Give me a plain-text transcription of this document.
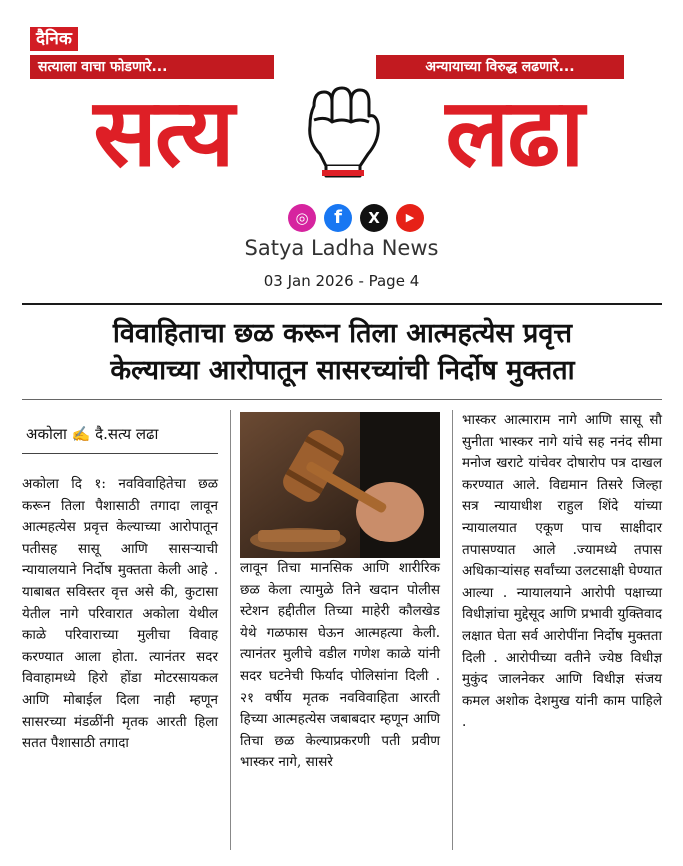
दैनिक
सत्याला वाचा फोडणारे...	अन्यायाच्या विरुद्ध लढणारे...
सत्य	लढा
◎	f	X	▶
Satya Ladha News
03 Jan 2026 - Page 4
विवाहिताचा छळ करून तिला आत्महत्येस प्रवृत्त
केल्याच्या आरोपातून सासरच्यांची निर्दोष मुक्तता
अकोला ✍ दै.सत्य लढा
अकोला दि १: नवविवाहितेचा छळ करून तिला पैशासाठी तगादा लावून आत्महत्येस प्रवृत्त केल्याच्या आरोपातून पतीसह सासू आणि सासऱ्याची न्यायालयाने निर्दोष मुक्तता केली आहे . याबाबत सविस्तर वृत्त असे की, कुटासा येतील नागे परिवारात अकोला येथील काळे परिवाराच्या मुलीचा विवाह करण्यात आला होता. त्यानंतर सदर विवाहामध्ये हिरो होंडा मोटरसायकल आणि मोबाईल दिला नाही म्हणून सासरच्या मंडळींनी मृतक आरती हिला सतत पैशासाठी तगादा
लावून तिचा मानसिक आणि शारीरिक छळ केला त्यामुळे तिने खदान पोलीस स्टेशन हद्दीतील तिच्या माहेरी कौलखेड येथे गळफास घेऊन आत्महत्या केली. त्यानंतर मुलीचे वडील गणेश काळे यांनी सदर घटनेची फिर्याद पोलिसांना दिली . २१ वर्षीय मृतक नवविवाहिता आरती हिच्या आत्महत्येस जबाबदार म्हणून आणि तिचा छळ केल्याप्रकरणी पती प्रवीण भास्कर नागे, सासरे
भास्कर आत्माराम नागे आणि सासू सौ सुनीता भास्कर नागे यांचे सह ननंद सीमा मनोज खराटे यांचेवर दोषारोप पत्र दाखल करण्यात आले. विद्यमान तिसरे जिल्हा सत्र न्यायाधीश राहुल शिंदे यांच्या न्यायालयात एकूण पाच साक्षीदार तपासण्यात आले .ज्यामध्ये तपास अधिकाऱ्यांसह सर्वांच्या उलटसाक्षी घेण्यात आल्या . न्यायालयाने आरोपी पक्षाच्या विधीज्ञांचा मुद्देसूद आणि प्रभावी युक्तिवाद लक्षात घेता सर्व आरोपींना निर्दोष मुक्तता दिली . आरोपीच्या वतीने ज्येष्ठ विधीज्ञ मुकुंद जालनेकर आणि विधीज्ञ संजय कमल अशोक देशमुख यांनी काम पाहिले .
